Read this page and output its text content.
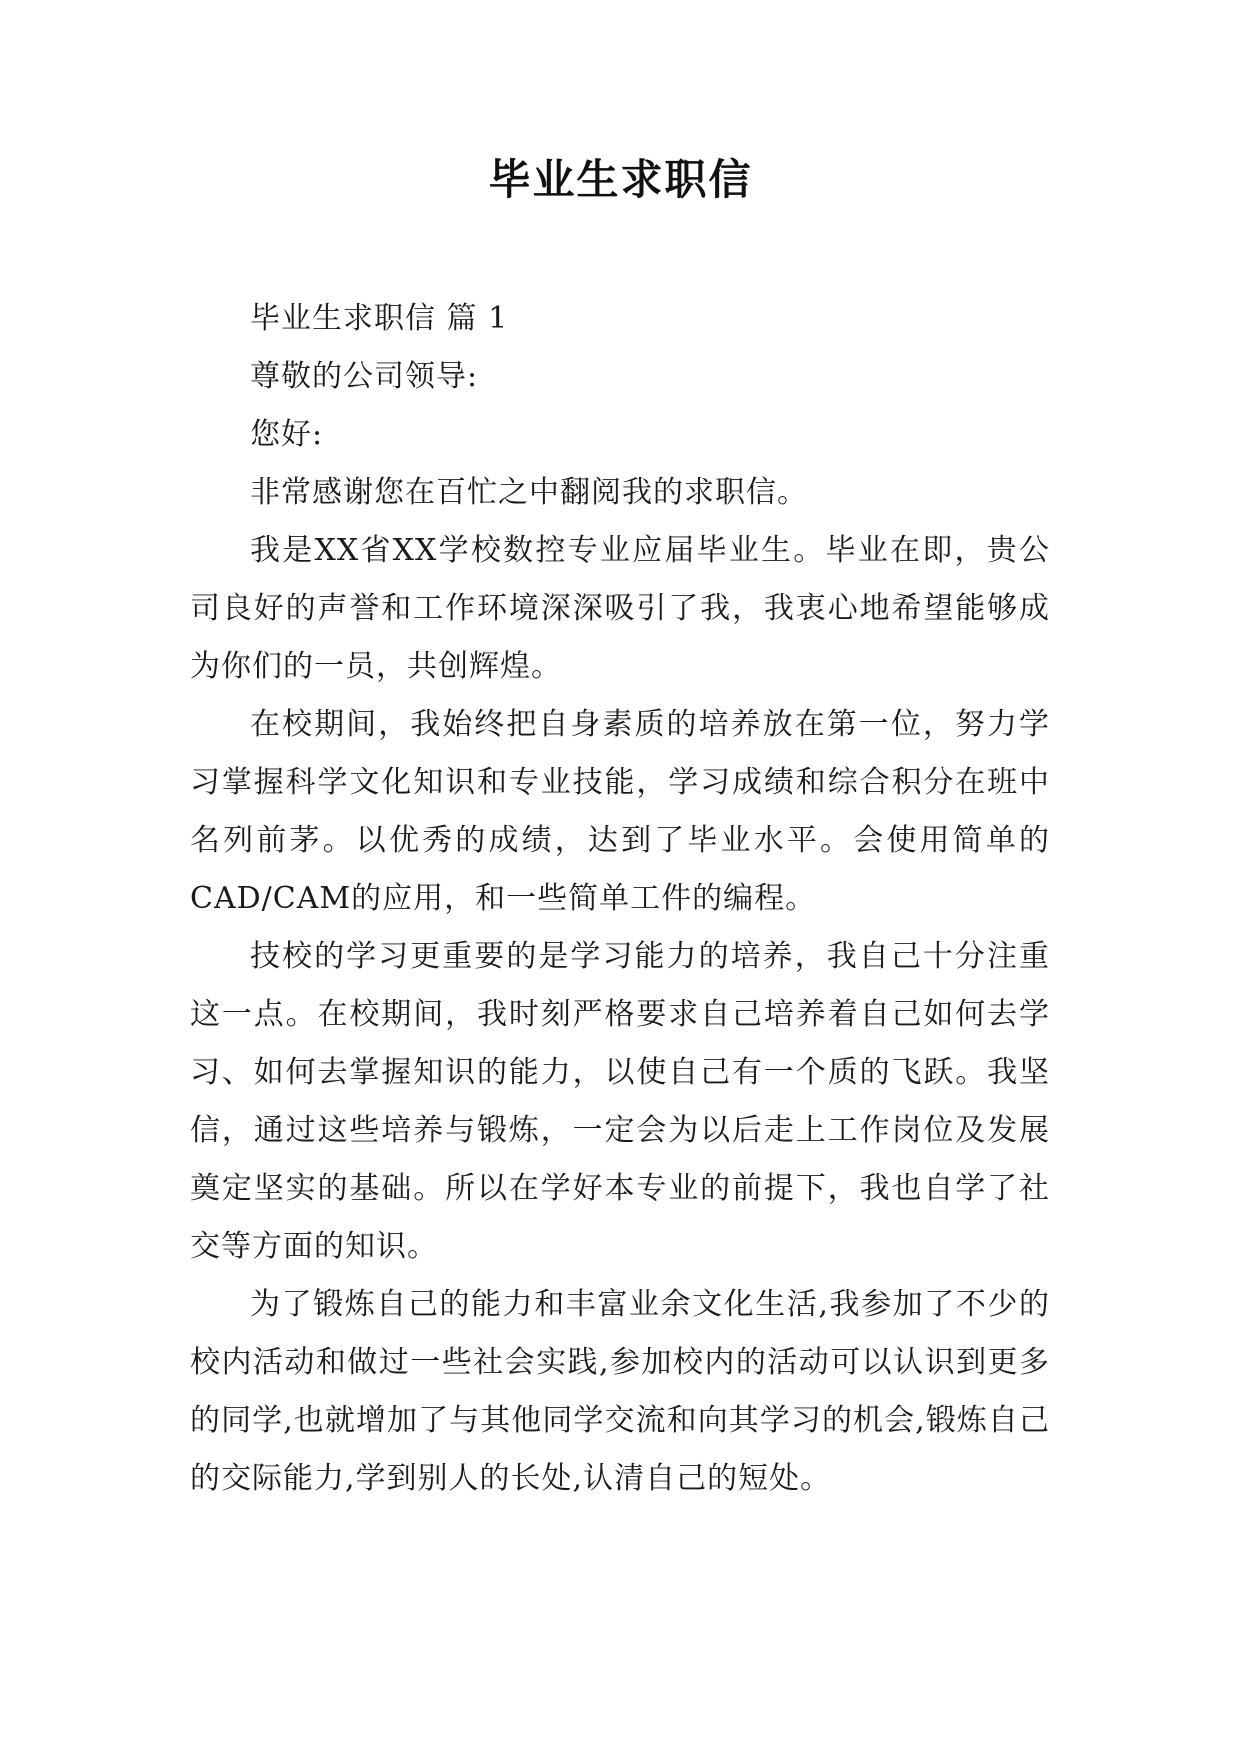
毕业生求职信

毕业生求职信 篇 1

尊敬的公司领导:

您好:

非常感谢您在百忙之中翻阅我的求职信。

我是XX省XX学校数控专业应届毕业生。毕业在即，贵公司良好的声誉和工作环境深深吸引了我，我衷心地希望能够成为你们的一员，共创辉煌。

在校期间，我始终把自身素质的培养放在第一位，努力学习掌握科学文化知识和专业技能，学习成绩和综合积分在班中名列前茅。以优秀的成绩，达到了毕业水平。会使用简单的CAD/CAM的应用，和一些简单工件的编程。

技校的学习更重要的是学习能力的培养，我自己十分注重这一点。在校期间，我时刻严格要求自己培养着自己如何去学习、如何去掌握知识的能力，以使自己有一个质的飞跃。我坚信，通过这些培养与锻炼，一定会为以后走上工作岗位及发展奠定坚实的基础。所以在学好本专业的前提下，我也自学了社交等方面的知识。

为了锻炼自己的能力和丰富业余文化生活,我参加了不少的校内活动和做过一些社会实践,参加校内的活动可以认识到更多的同学,也就增加了与其他同学交流和向其学习的机会,锻炼自己的交际能力,学到别人的长处,认清自己的短处。
